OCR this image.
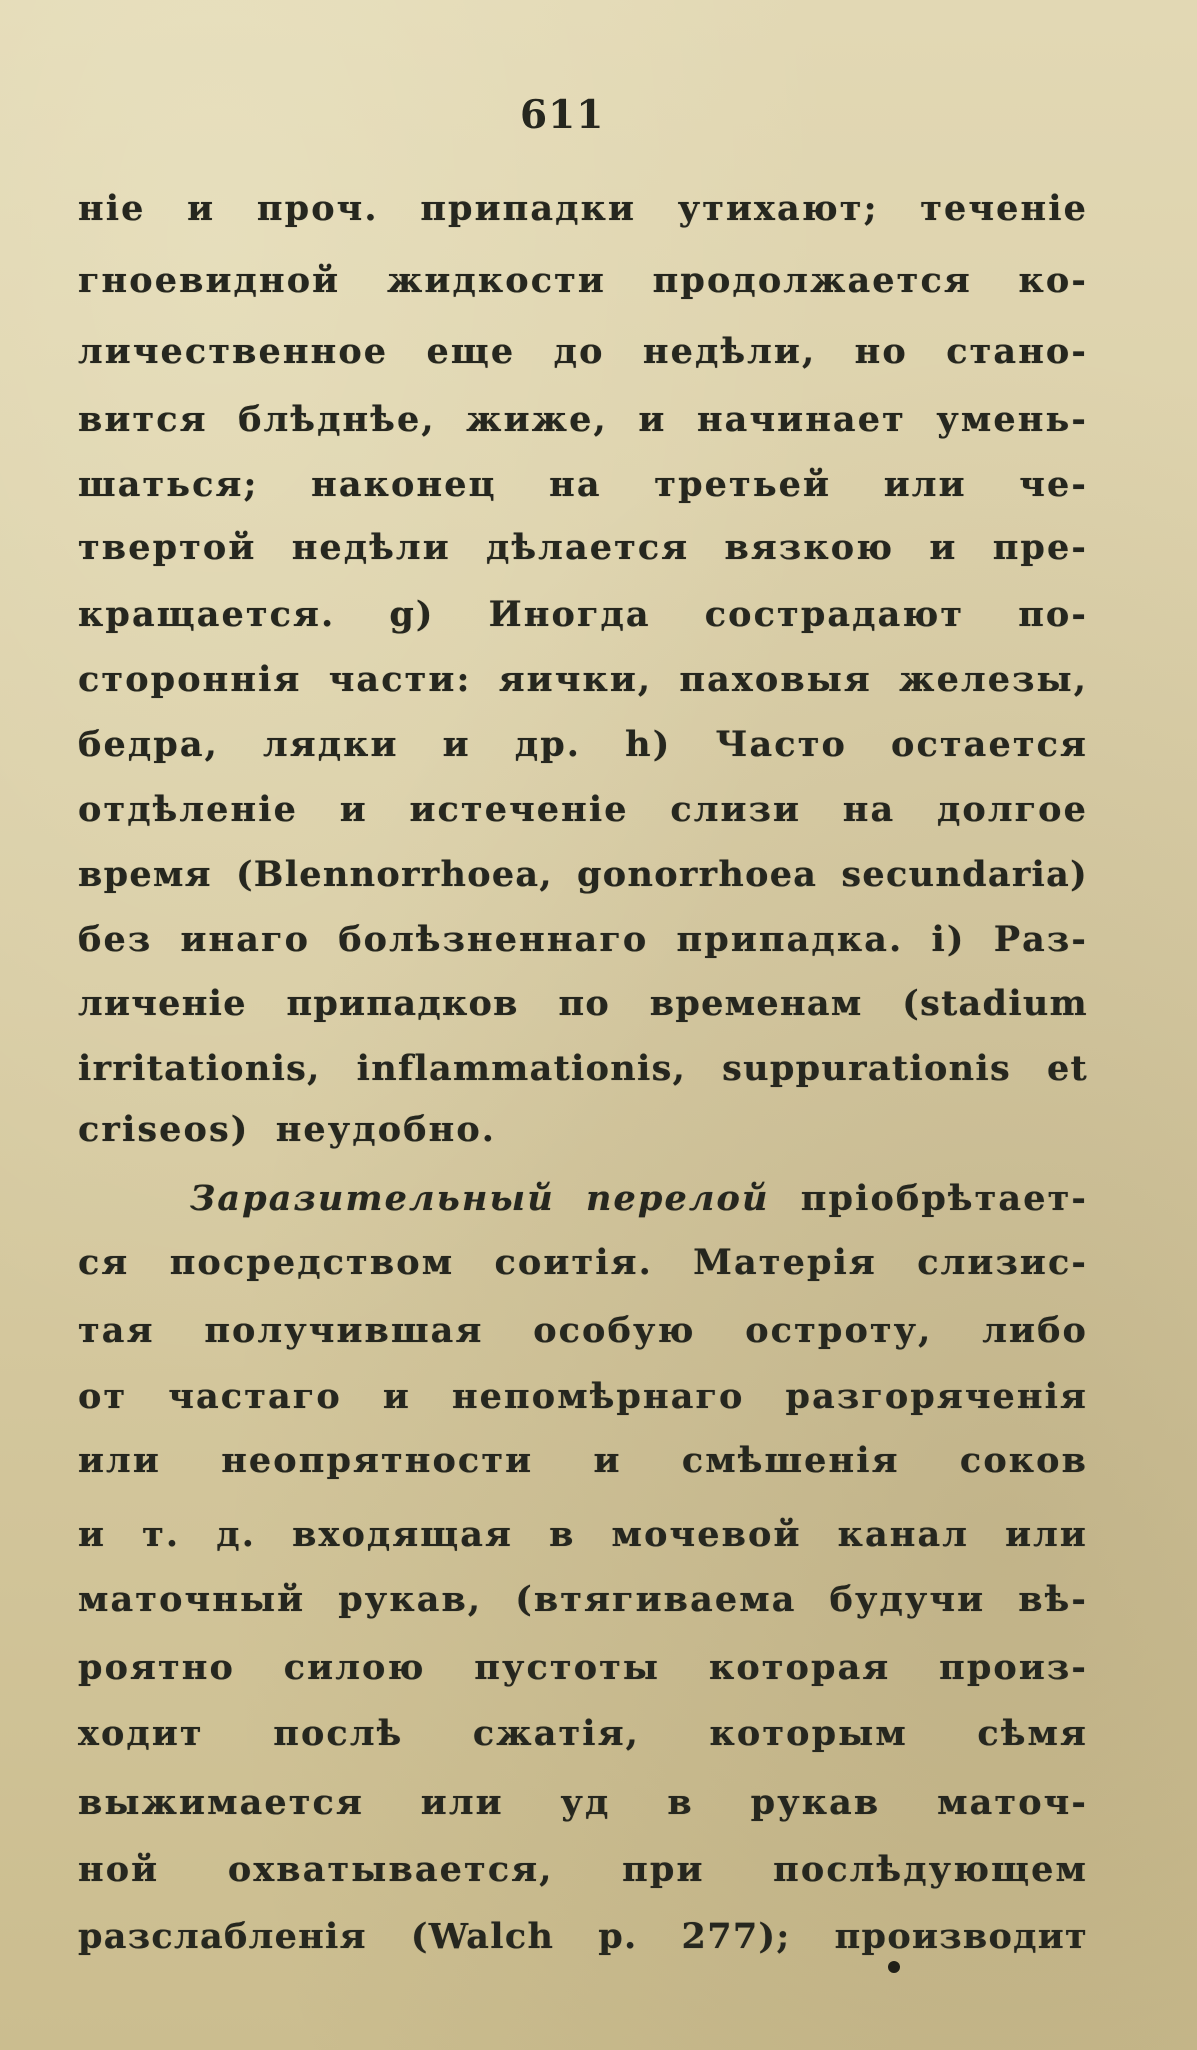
611
ніе и проч. припадки утихают; теченіе
гноевидной жидкости продолжается ко-
личественное еще до недѣли, но стано-
вится блѣднѣе, жиже, и начинает умень-
шаться; наконец на третьей или че-
твертой недѣли дѣлается вязкою и пре-
кращается. g) Иногда сострадают по-
стороннія части: яички, паховыя железы,
бедра, лядки и др. h) Часто остается
отдѣленіе и истеченіе слизи на долгое
время (Blennorrhoea, gonorrhoea secundaria)
без инаго болѣзненнаго припадка. i) Раз-
личеніе припадков по временам (stadium
irritationis, inflammationis, suppurationis et
criseos) неудобно.
Заразительный перелой пріобрѣтает-
ся посредством соитія. Матерія слизис-
тая получившая особую остроту, либо
от частаго и непомѣрнаго разгоряченія
или неопрятности и смѣшенія соков
и т. д. входящая в мочевой канал или
маточный рукав, (втягиваема будучи вѣ-
роятно силою пустоты которая произ-
ходит послѣ сжатія, которым сѣмя
выжимается или уд в рукав маточ-
ной охватывается, при послѣдующем
разслабленія (Walch p. 277); производит
